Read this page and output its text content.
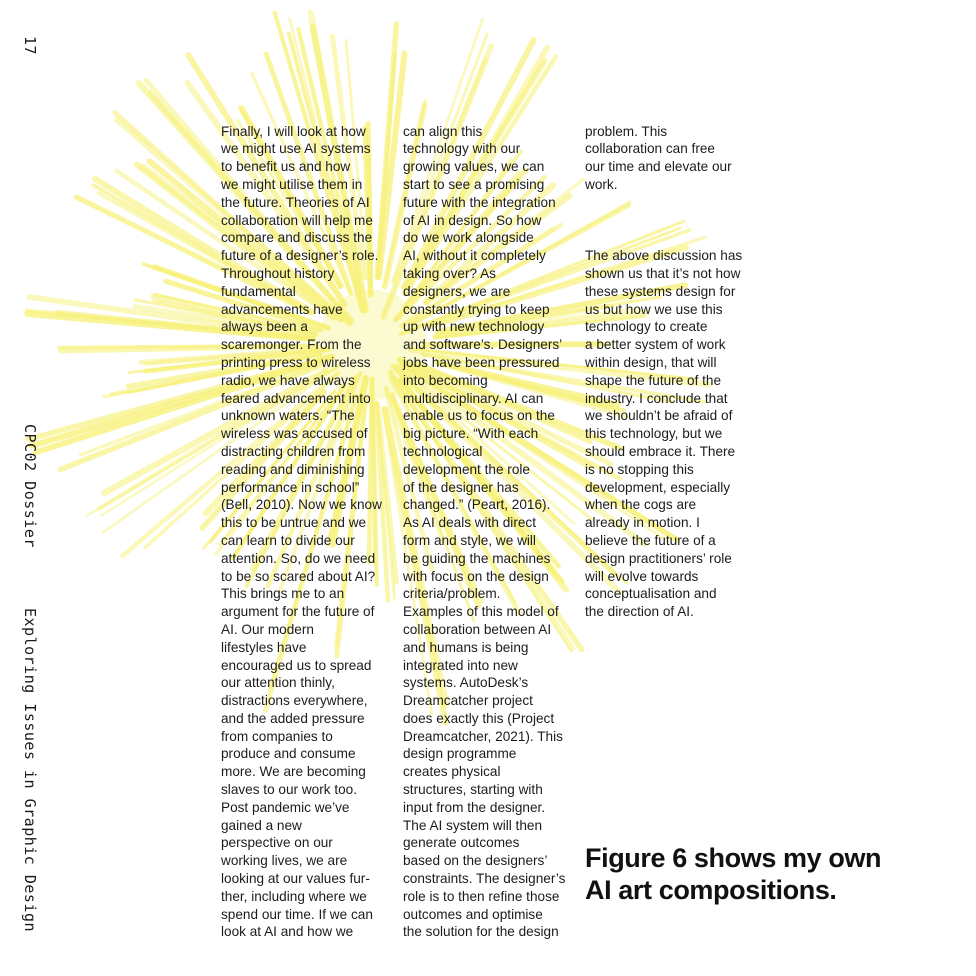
17
CPC02 Dossier
Exploring Issues in Graphic Design

Finally, I will look at how
we might use AI systems
to benefit us and how
we might utilise them in
the future. Theories of AI
collaboration will help me
compare and discuss the
future of a designer’s role.
Throughout history
fundamental
advancements have
always been a
scaremonger. From the
printing press to wireless
radio, we have always
feared advancement into
unknown waters. “The
wireless was accused of
distracting children from
reading and diminishing
performance in school”
(Bell, 2010). Now we know
this to be untrue and we
can learn to divide our
attention. So, do we need
to be so scared about AI?
This brings me to an
argument for the future of
AI. Our modern
lifestyles have
encouraged us to spread
our attention thinly,
distractions everywhere,
and the added pressure
from companies to
produce and consume
more. We are becoming
slaves to our work too.
Post pandemic we’ve
gained a new
perspective on our
working lives, we are
looking at our values fur-
ther, including where we
spend our time. If we can
look at AI and how we

can align this
technology with our
growing values, we can
start to see a promising
future with the integration
of AI in design. So how
do we work alongside
AI, without it completely
taking over? As
designers, we are
constantly trying to keep
up with new technology
and software’s. Designers’
jobs have been pressured
into becoming
multidisciplinary. AI can
enable us to focus on the
big picture. “With each
technological
development the role
of the designer has
changed.” (Peart, 2016).
As AI deals with direct
form and style, we will
be guiding the machines
with focus on the design
criteria/problem.
Examples of this model of
collaboration between AI
and humans is being
integrated into new
systems. AutoDesk’s
Dreamcatcher project
does exactly this (Project
Dreamcatcher, 2021). This
design programme
creates physical
structures, starting with
input from the designer.
The AI system will then
generate outcomes
based on the designers’
constraints. The designer’s
role is to then refine those
outcomes and optimise
the solution for the design

problem. This
collaboration can free
our time and elevate our
work.

The above discussion has
shown us that it’s not how
these systems design for
us but how we use this
technology to create
a better system of work
within design, that will
shape the future of the
industry. I conclude that
we shouldn’t be afraid of
this technology, but we
should embrace it. There
is no stopping this
development, especially
when the cogs are
already in motion. I
believe the future of a
design practitioners’ role
will evolve towards
conceptualisation and
the direction of AI.

Figure 6 shows my own
AI art compositions.
